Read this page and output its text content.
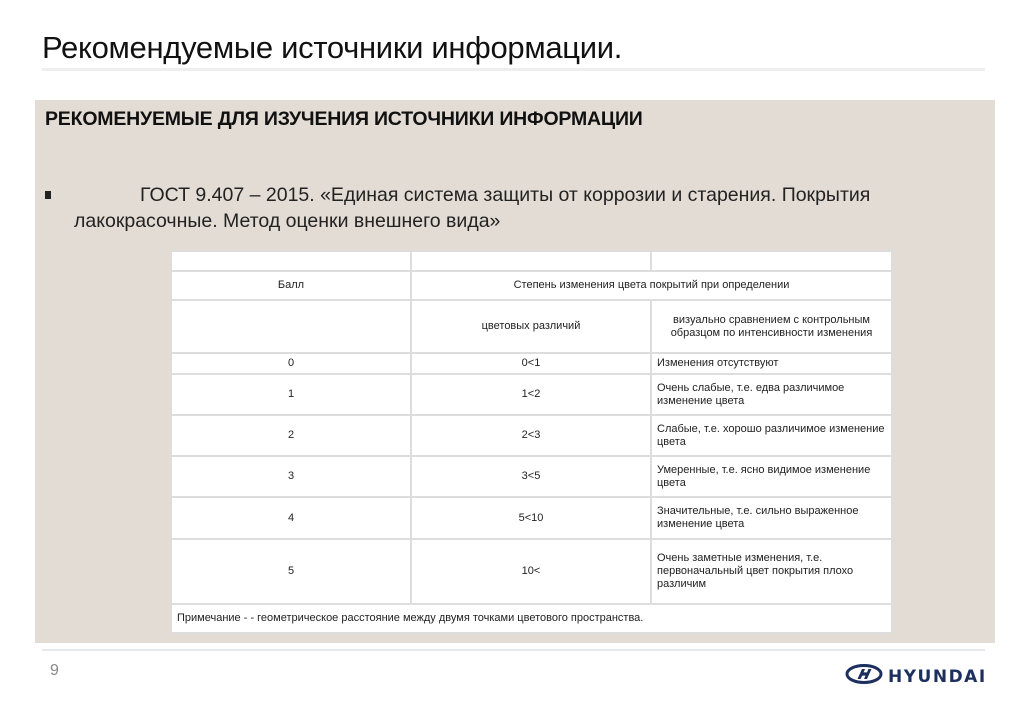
Рекомендуемые источники информации.
РЕКОМЕНУЕМЫЕ ДЛЯ ИЗУЧЕНИЯ ИСТОЧНИКИ ИНФОРМАЦИИ
ГОСТ 9.407 – 2015. «Единая система защиты от коррозии и старения. Покрытия лакокрасочные. Метод оценки внешнего вида»

Балл	Степень изменения цвета покрытий при определении	
	цветовых различий	визуально сравнением с контрольным образцом по интенсивности изменения
0	0<1	Изменения отсутствуют
1	1<2	Очень слабые, т.е. едва различимое изменение цвета
2	2<3	Слабые, т.е. хорошо различимое изменение цвета
3	3<5	Умеренные, т.е. ясно видимое изменение цвета
4	5<10	Значительные, т.е. сильно выраженное изменение цвета
5	10<	Очень заметные изменения, т.е. первоначальный цвет покрытия плохо различим
Примечание - - геометрическое расстояние между двумя точками цветового пространства.		
9	HYUNDAI
